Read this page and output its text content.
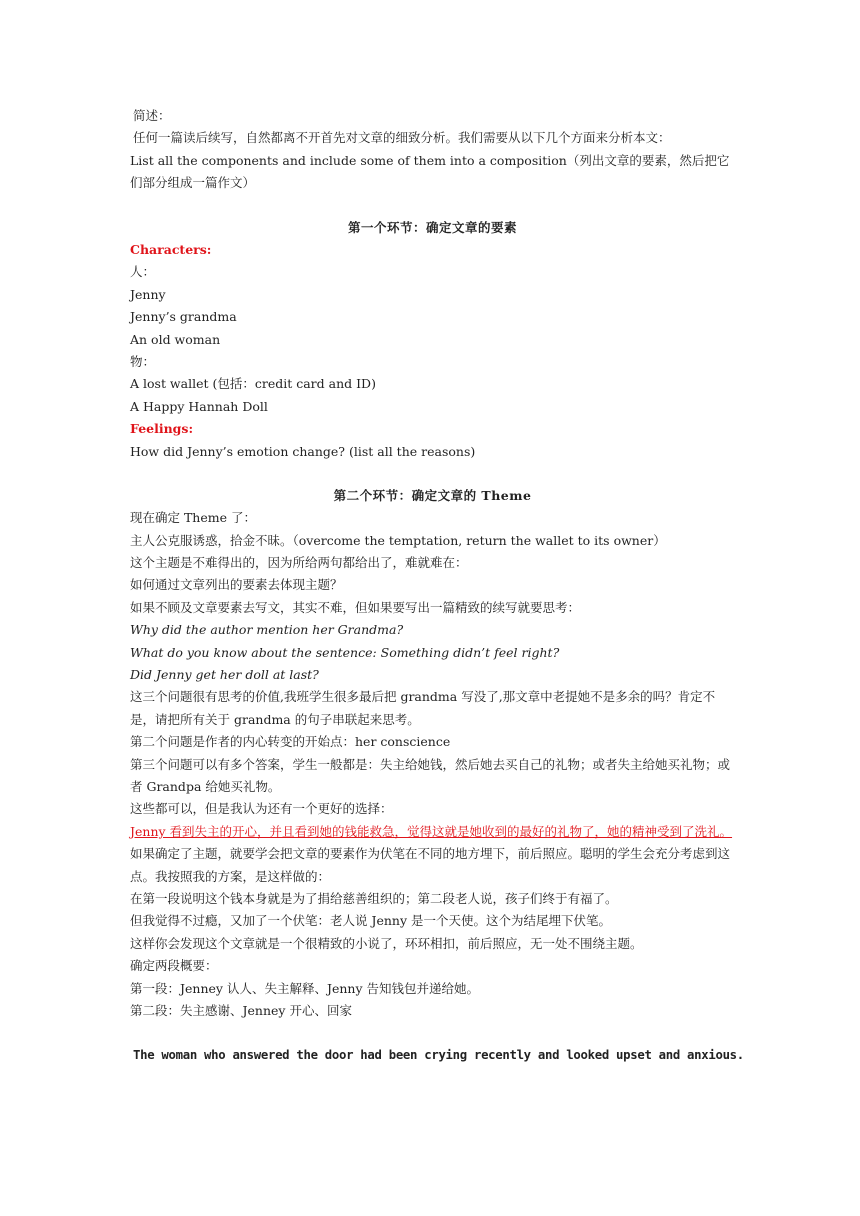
简述：
任何一篇读后续写，自然都离不开首先对文章的细致分析。我们需要从以下几个方面来分析本文：
List all the components and include some of them into a composition（列出文章的要素，然后把它们部分组成一篇作文）
第一个环节：确定文章的要素
Characters:
人：
Jenny
Jenny’s grandma
An old woman
物：
A lost wallet (包括：credit card and ID)
A Happy Hannah Doll
Feelings:
How did Jenny’s emotion change? (list all the reasons)
第二个环节：确定文章的 Theme
现在确定 Theme 了：
主人公克服诱惑，拾金不昧。（overcome the temptation, return the wallet to its owner）
这个主题是不难得出的，因为所给两句都给出了，难就难在：
如何通过文章列出的要素去体现主题？
如果不顾及文章要素去写文，其实不难，但如果要写出一篇精致的续写就要思考：
Why did the author mention her Grandma?
What do you know about the sentence: Something didn’t feel right?
Did Jenny get her doll at last?
这三个问题很有思考的价值,我班学生很多最后把 grandma 写没了,那文章中老提她不是多余的吗？肯定不是，请把所有关于 grandma 的句子串联起来思考。
第二个问题是作者的内心转变的开始点：her conscience
第三个问题可以有多个答案，学生一般都是：失主给她钱，然后她去买自己的礼物；或者失主给她买礼物；或者 Grandpa 给她买礼物。
这些都可以，但是我认为还有一个更好的选择：
Jenny 看到失主的开心，并且看到她的钱能救急，觉得这就是她收到的最好的礼物了，她的精神受到了洗礼。
如果确定了主题，就要学会把文章的要素作为伏笔在不同的地方埋下，前后照应。聪明的学生会充分考虑到这点。我按照我的方案，是这样做的：
在第一段说明这个钱本身就是为了捐给慈善组织的；第二段老人说，孩子们终于有福了。
但我觉得不过瘾，又加了一个伏笔：老人说 Jenny 是一个天使。这个为结尾埋下伏笔。
这样你会发现这个文章就是一个很精致的小说了，环环相扣，前后照应，无一处不围绕主题。
确定两段概要：
第一段：Jenney 认人、失主解释、Jenny 告知钱包并递给她。
第二段：失主感谢、Jenney 开心、回家
The woman who answered the door had been crying recently and looked upset and anxious.
